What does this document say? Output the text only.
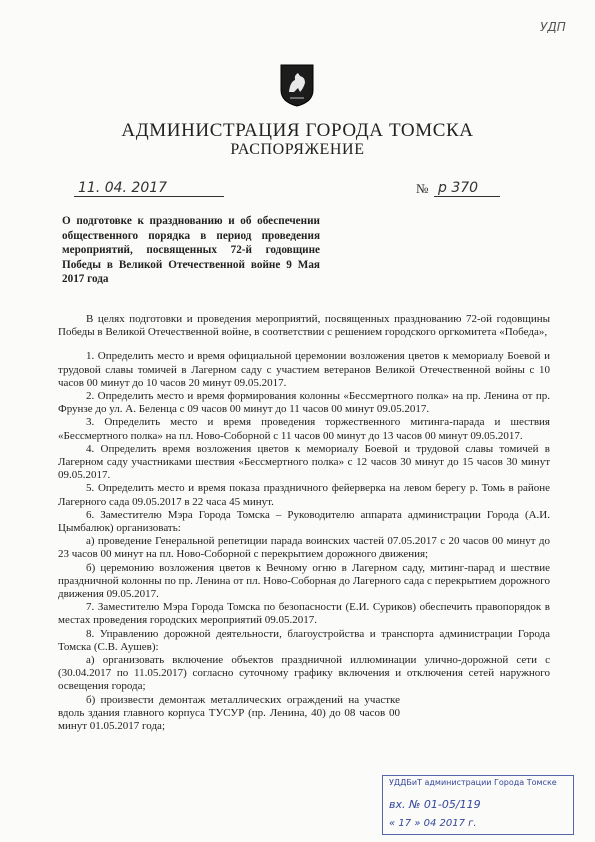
УДП
АДМИНИСТРАЦИЯ ГОРОДА ТОМСКА
РАСПОРЯЖЕНИЕ
11. 04. 2017	№ р 370
О подготовке к празднованию и об обеспечении общественного порядка в период проведения мероприятий, посвященных 72-й годовщине Победы в Великой Отечественной войне 9 Мая 2017 года
В целях подготовки и проведения мероприятий, посвященных празднованию 72-ой годовщины Победы в Великой Отечественной войне, в соответствии с решением городского оргкомитета «Победа»,
1. Определить место и время официальной церемонии возложения цветов к мемориалу Боевой и трудовой славы томичей в Лагерном саду с участием ветеранов Великой Отечественной войны с 10 часов 00 минут до 10 часов 20 минут 09.05.2017.
2. Определить место и время формирования колонны «Бессмертного полка» на пр. Ленина от пр. Фрунзе до ул. А. Беленца с 09 часов 00 минут до 11 часов 00 минут 09.05.2017.
3. Определить место и время проведения торжественного митинга-парада и шествия «Бессмертного полка» на пл. Ново-Соборной с 11 часов 00 минут до 13 часов 00 минут 09.05.2017.
4. Определить время возложения цветов к мемориалу Боевой и трудовой славы томичей в Лагерном саду участниками шествия «Бессмертного полка» с 12 часов 30 минут до 15 часов 30 минут 09.05.2017.
5. Определить место и время показа праздничного фейерверка на левом берегу р. Томь в районе Лагерного сада 09.05.2017 в 22 часа 45 минут.
6. Заместителю Мэра Города Томска – Руководителю аппарата администрации Города (А.И. Цымбалюк) организовать:
а) проведение Генеральной репетиции парада воинских частей 07.05.2017 с 20 часов 00 минут до 23 часов 00 минут на пл. Ново-Соборной с перекрытием дорожного движения;
б) церемонию возложения цветов к Вечному огню в Лагерном саду, митинг-парад и шествие праздничной колонны по пр. Ленина от пл. Ново-Соборная до Лагерного сада с перекрытием дорожного движения 09.05.2017.
7. Заместителю Мэра Города Томска по безопасности (Е.И. Суриков) обеспечить правопорядок в местах проведения городских мероприятий 09.05.2017.
8. Управлению дорожной деятельности, благоустройства и транспорта администрации Города Томска (С.В. Аушев):
а) организовать включение объектов праздничной иллюминации улично-дорожной сети с (30.04.2017 по 11.05.2017) согласно суточному графику включения и отключения сетей наружного освещения города;
б) произвести демонтаж металлических ограждений на участке вдоль здания главного корпуса ТУСУР (пр. Ленина, 40) до 08 часов 00 минут 01.05.2017 года;
УДДБиТ администрации Города Томске
вх. № 01-05/119
« 17 » 04 2017 г.
